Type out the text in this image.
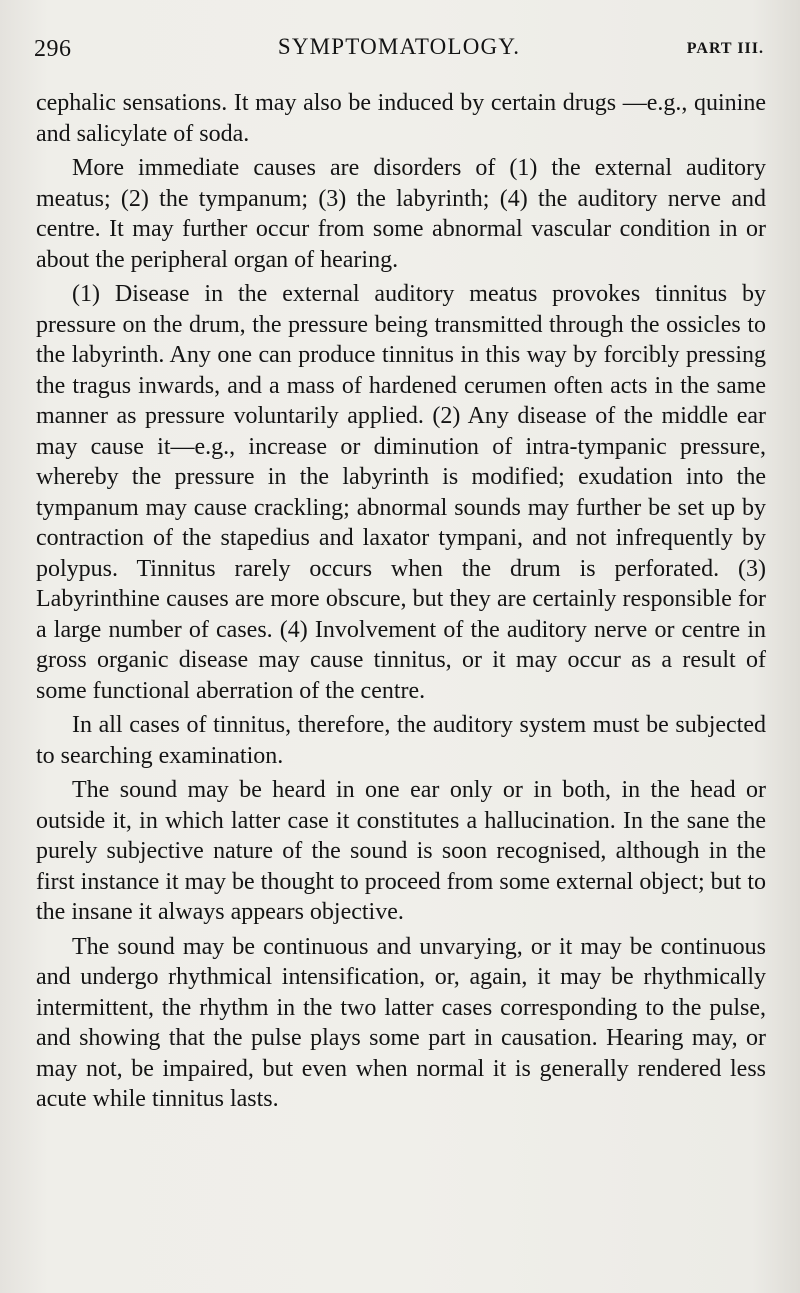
296	SYMPTOMATOLOGY.	PART III.

cephalic sensations. It may also be induced by certain drugs —e.g., quinine and salicylate of soda.

More immediate causes are disorders of (1) the external auditory meatus; (2) the tympanum; (3) the labyrinth; (4) the auditory nerve and centre. It may further occur from some abnormal vascular condition in or about the peripheral organ of hearing.

(1) Disease in the external auditory meatus provokes tinnitus by pressure on the drum, the pressure being transmitted through the ossicles to the labyrinth. Any one can produce tinnitus in this way by forcibly pressing the tragus inwards, and a mass of hardened cerumen often acts in the same manner as pressure voluntarily applied. (2) Any disease of the middle ear may cause it—e.g., increase or diminution of intra-tympanic pressure, whereby the pressure in the labyrinth is modified; exudation into the tympanum may cause crackling; abnormal sounds may further be set up by contraction of the stapedius and laxator tympani, and not infrequently by polypus. Tinnitus rarely occurs when the drum is perforated. (3) Labyrinthine causes are more obscure, but they are certainly responsible for a large number of cases. (4) Involvement of the auditory nerve or centre in gross organic disease may cause tinnitus, or it may occur as a result of some functional aberration of the centre.

In all cases of tinnitus, therefore, the auditory system must be subjected to searching examination.

The sound may be heard in one ear only or in both, in the head or outside it, in which latter case it constitutes a hallucination. In the sane the purely subjective nature of the sound is soon recognised, although in the first instance it may be thought to proceed from some external object; but to the insane it always appears objective.

The sound may be continuous and unvarying, or it may be continuous and undergo rhythmical intensification, or, again, it may be rhythmically intermittent, the rhythm in the two latter cases corresponding to the pulse, and showing that the pulse plays some part in causation. Hearing may, or may not, be impaired, but even when normal it is generally rendered less acute while tinnitus lasts.
